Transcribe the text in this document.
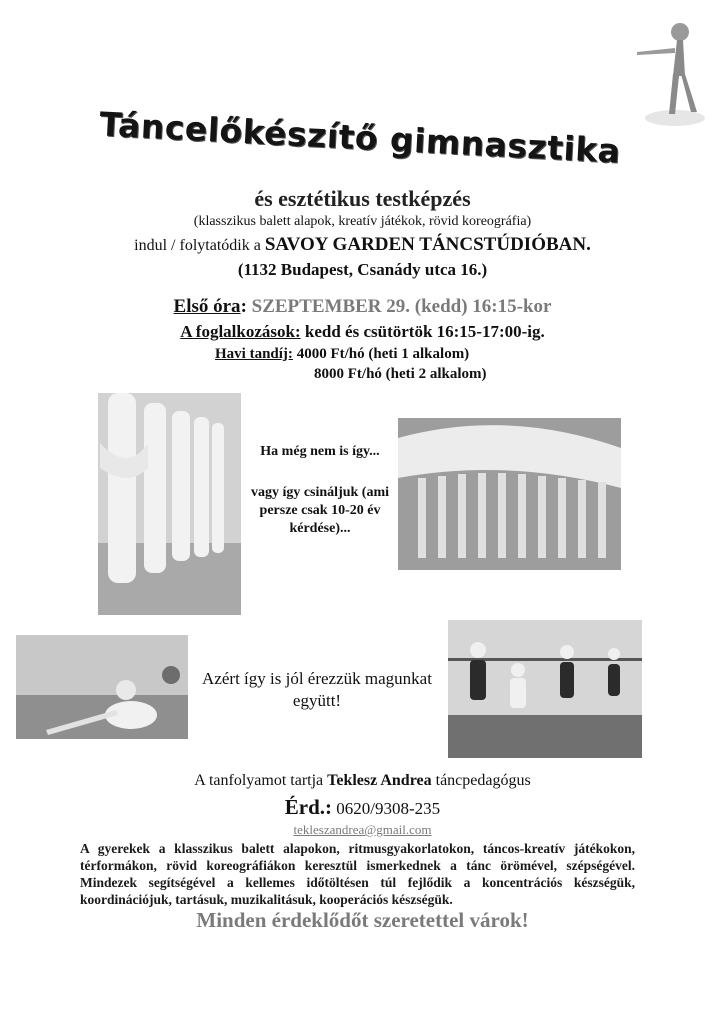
Táncelőkészítő gimnasztika
és esztétikus testképzés
(klasszikus balett alapok, kreatív játékok, rövid koreográfia)
indul / folytatódik a SAVOY GARDEN TÁNCSTÚDIÓBAN.
(1132 Budapest, Csanády utca 16.)
Első óra: SZEPTEMBER 29. (kedd) 16:15-kor
A foglalkozások: kedd és csütörtök 16:15-17:00-ig.
Havi tandíj: 4000 Ft/hó (heti 1 alkalom)
8000 Ft/hó (heti 2 alkalom)
Ha még nem is így...
vagy így csináljuk (ami persze csak 10-20 év kérdése)...
Azért így is jól érezzük magunkat együtt!
A tanfolyamot tartja Teklesz Andrea táncpedagógus
Érd.: 0620/9308-235
tekleszandrea@gmail.com
A gyerekek a klasszikus balett alapokon, ritmusgyakorlatokon, táncos-kreatív játékokon, térformákon, rövid koreográfiákon keresztül ismerkednek a tánc örömével, szépségével. Mindezek segítségével a kellemes időtöltésen túl fejlődik a koncentrációs készségük, koordinációjuk, tartásuk, muzikalitásuk, kooperációs készségük.
Minden érdeklődőt szeretettel várok!
